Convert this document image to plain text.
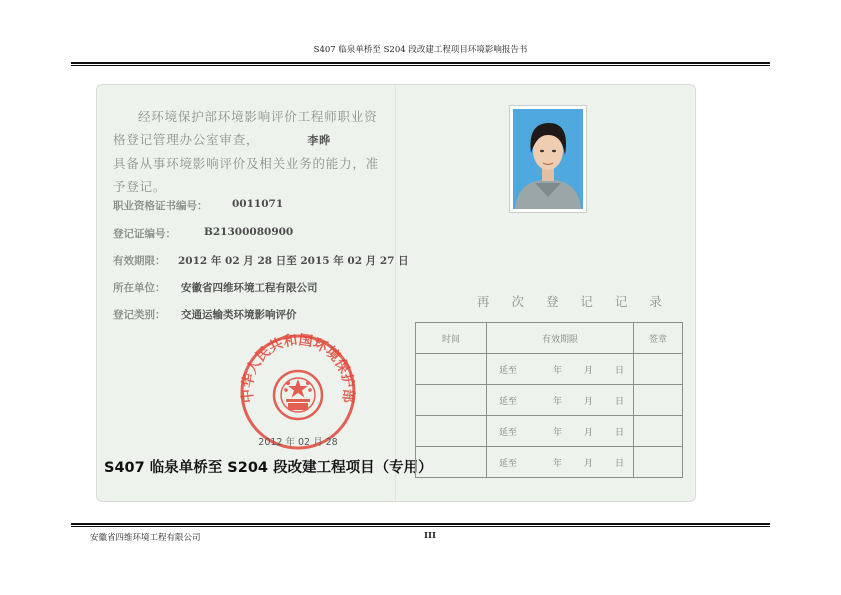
S407 临泉单桥至 S204 段改建工程项目环境影响报告书
经环境保护部环境影响评价工程师职业资
格登记管理办公室审查，	李晔
具备从事环境影响评价及相关业务的能力，准
予登记。
职业资格证书编号： 0011071
登记证编号：	B21300080900
有效期限： 2012 年 02 月 28 日至 2015 年 02 月 27 日
所在单位： 安徽省四维环境工程有限公司
登记类别： 交通运输类环境影响评价
中华人民共和国环境保护部
2012 年 02 月 28
S407 临泉单桥至 S204 段改建工程项目（专用）
再 次 登 记 记 录
时间	有效期限	签章
	延至 年 月 日	
	延至 年 月 日	
	延至 年 月 日	
	延至 年 月 日	
安徽省四维环境工程有限公司	III
